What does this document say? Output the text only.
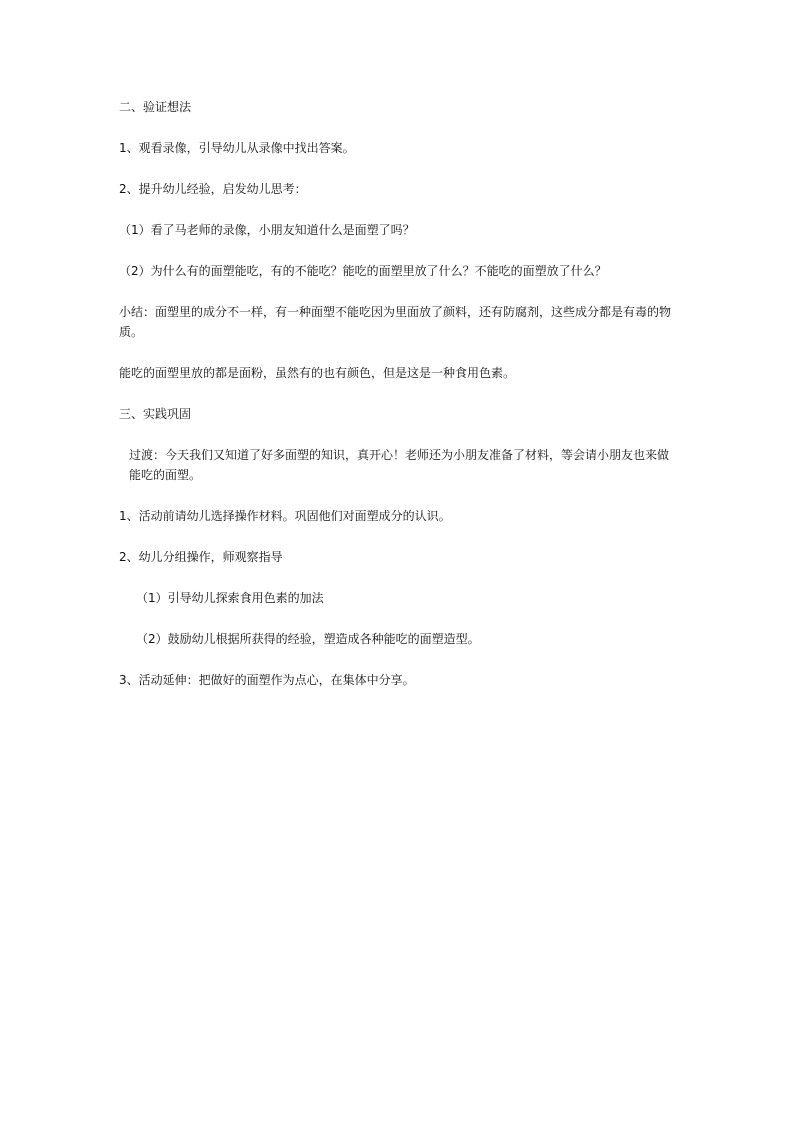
二、验证想法

1、观看录像，引导幼儿从录像中找出答案。

2、提升幼儿经验，启发幼儿思考：

（1）看了马老师的录像，小朋友知道什么是面塑了吗？

（2）为什么有的面塑能吃，有的不能吃？能吃的面塑里放了什么？不能吃的面塑放了什么？

小结：面塑里的成分不一样，有一种面塑不能吃因为里面放了颜料，还有防腐剂，这些成分都是有毒的物质。

能吃的面塑里放的都是面粉，虽然有的也有颜色，但是这是一种食用色素。

三、实践巩固

过渡：今天我们又知道了好多面塑的知识，真开心！老师还为小朋友准备了材料，等会请小朋友也来做能吃的面塑。

1、活动前请幼儿选择操作材料。巩固他们对面塑成分的认识。

2、幼儿分组操作，师观察指导

（1）引导幼儿探索食用色素的加法

（2）鼓励幼儿根据所获得的经验，塑造成各种能吃的面塑造型。

3、活动延伸：把做好的面塑作为点心，在集体中分享。
